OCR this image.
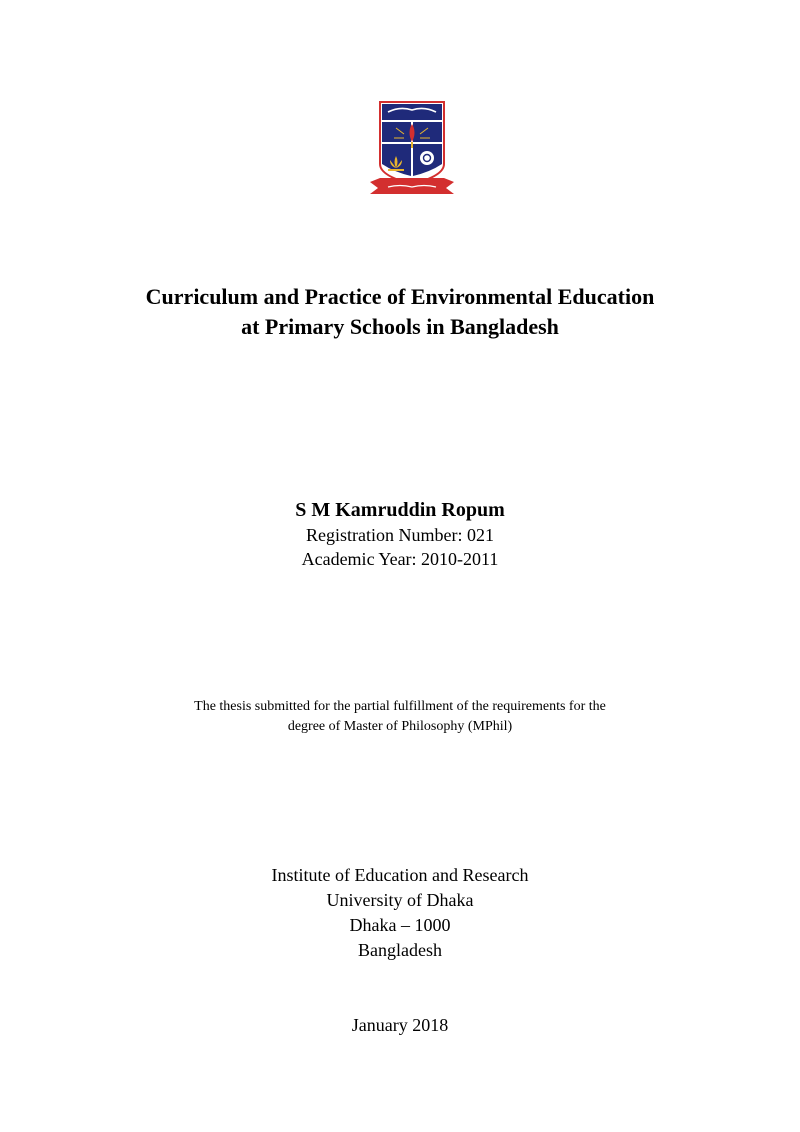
Curriculum and Practice of Environmental Education
at Primary Schools in Bangladesh
S M Kamruddin Ropum
Registration Number: 021
Academic Year: 2010-2011
The thesis submitted for the partial fulfillment of the requirements for the
degree of Master of Philosophy (MPhil)
Institute of Education and Research
University of Dhaka
Dhaka – 1000
Bangladesh
January 2018
